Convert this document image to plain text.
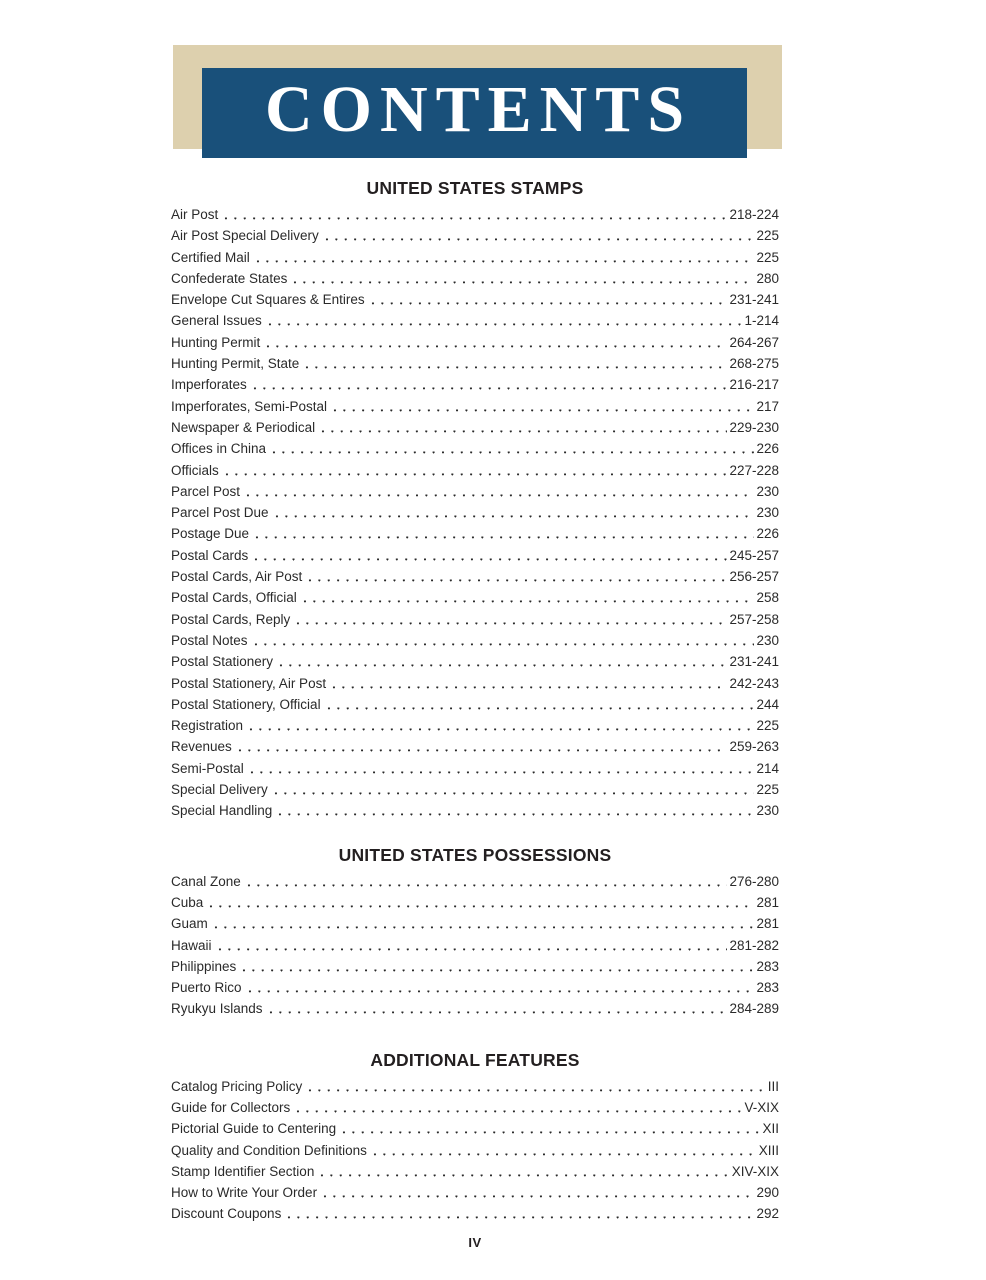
CONTENTS
UNITED STATES STAMPS
Air Post	218-224
Air Post Special Delivery	225
Certified Mail	225
Confederate States	280
Envelope Cut Squares & Entires	231-241
General Issues	1-214
Hunting Permit	264-267
Hunting Permit, State	268-275
Imperforates	216-217
Imperforates, Semi-Postal	217
Newspaper & Periodical	229-230
Offices in China	226
Officials	227-228
Parcel Post	230
Parcel Post Due	230
Postage Due	226
Postal Cards	245-257
Postal Cards, Air Post	256-257
Postal Cards, Official	258
Postal Cards, Reply	257-258
Postal Notes	230
Postal Stationery	231-241
Postal Stationery, Air Post	242-243
Postal Stationery, Official	244
Registration	225
Revenues	259-263
Semi-Postal	214
Special Delivery	225
Special Handling	230
UNITED STATES POSSESSIONS
Canal Zone	276-280
Cuba	281
Guam	281
Hawaii	281-282
Philippines	283
Puerto Rico	283
Ryukyu Islands	284-289
ADDITIONAL FEATURES
Catalog Pricing Policy	III
Guide for Collectors	V-XIX
Pictorial Guide to Centering	XII
Quality and Condition Definitions	XIII
Stamp Identifier Section	XIV-XIX
How to Write Your Order	290
Discount Coupons	292
IV
